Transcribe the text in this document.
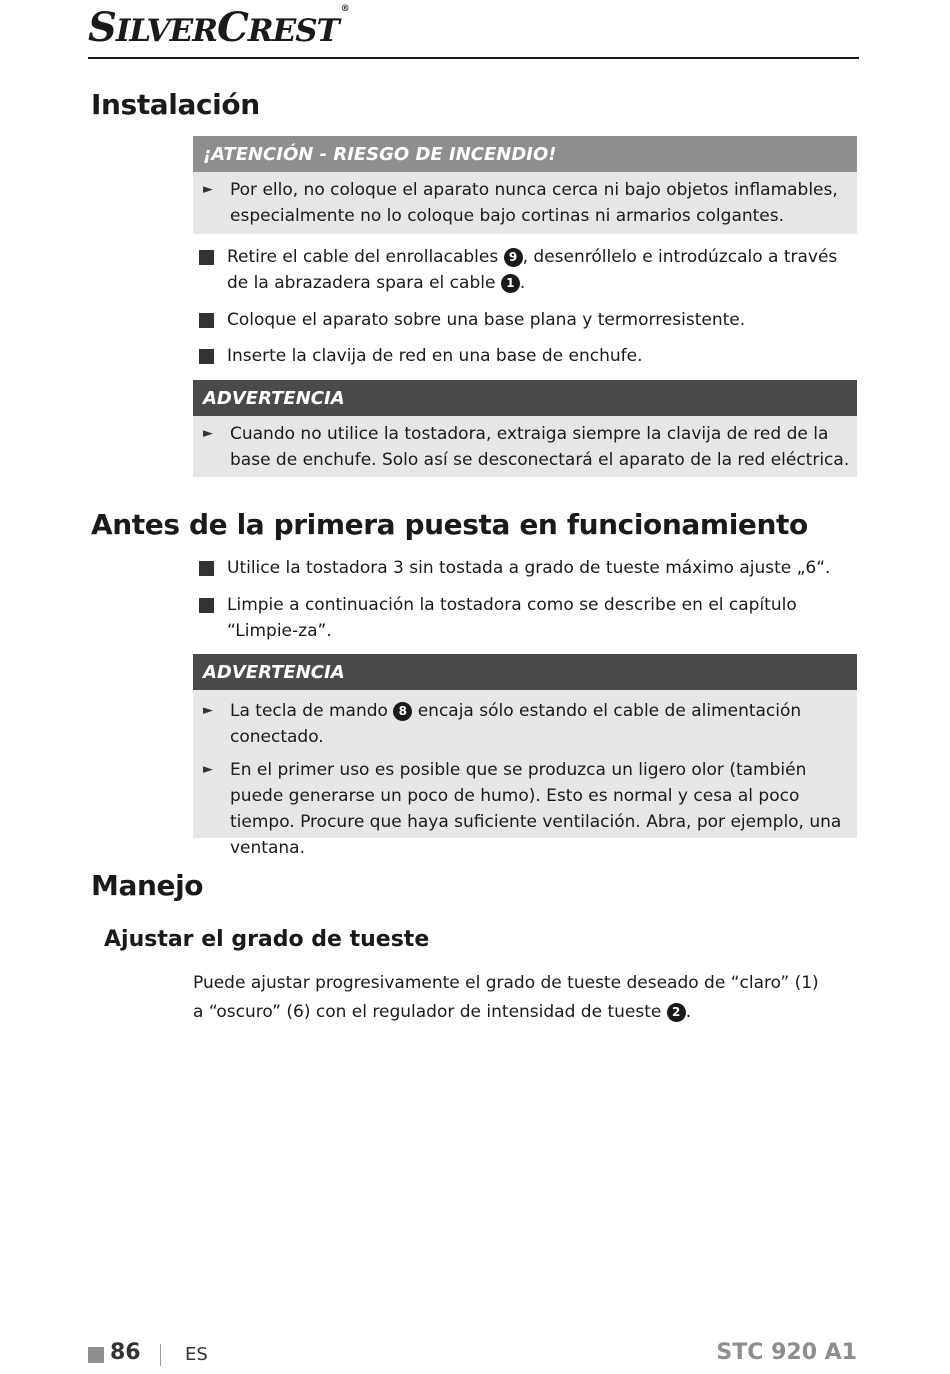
SILVERCREST®
Instalación
¡ATENCIÓN - RIESGO DE INCENDIO!
► Por ello, no coloque el aparato nunca cerca ni bajo objetos inflamables, especialmente no lo coloque bajo cortinas ni armarios colgantes.
Retire el cable del enrollacables 9 , desenróllelo e introdúzcalo a través de la abrazadera spara el cable 1 .
Coloque el aparato sobre una base plana y termorresistente.
Inserte la clavija de red en una base de enchufe.
ADVERTENCIA
► Cuando no utilice la tostadora, extraiga siempre la clavija de red de la base de enchufe. Solo así se desconectará el aparato de la red eléctrica.
Antes de la primera puesta en funcionamiento
Utilice la tostadora 3 sin tostada a grado de tueste máximo ajuste „6“.
Limpie a continuación la tostadora como se describe en el capítulo “Limpie-za”.
ADVERTENCIA
► La tecla de mando 8 encaja sólo estando el cable de alimentación conectado.
► En el primer uso es posible que se produzca un ligero olor (también puede generarse un poco de humo). Esto es normal y cesa al poco tiempo. Procure que haya suficiente ventilación. Abra, por ejemplo, una ventana.
Manejo
Ajustar el grado de tueste
Puede ajustar progresivamente el grado de tueste deseado de “claro” (1) a “oscuro” (6) con el regulador de intensidad de tueste 2 .
86 ES	STC 920 A1
